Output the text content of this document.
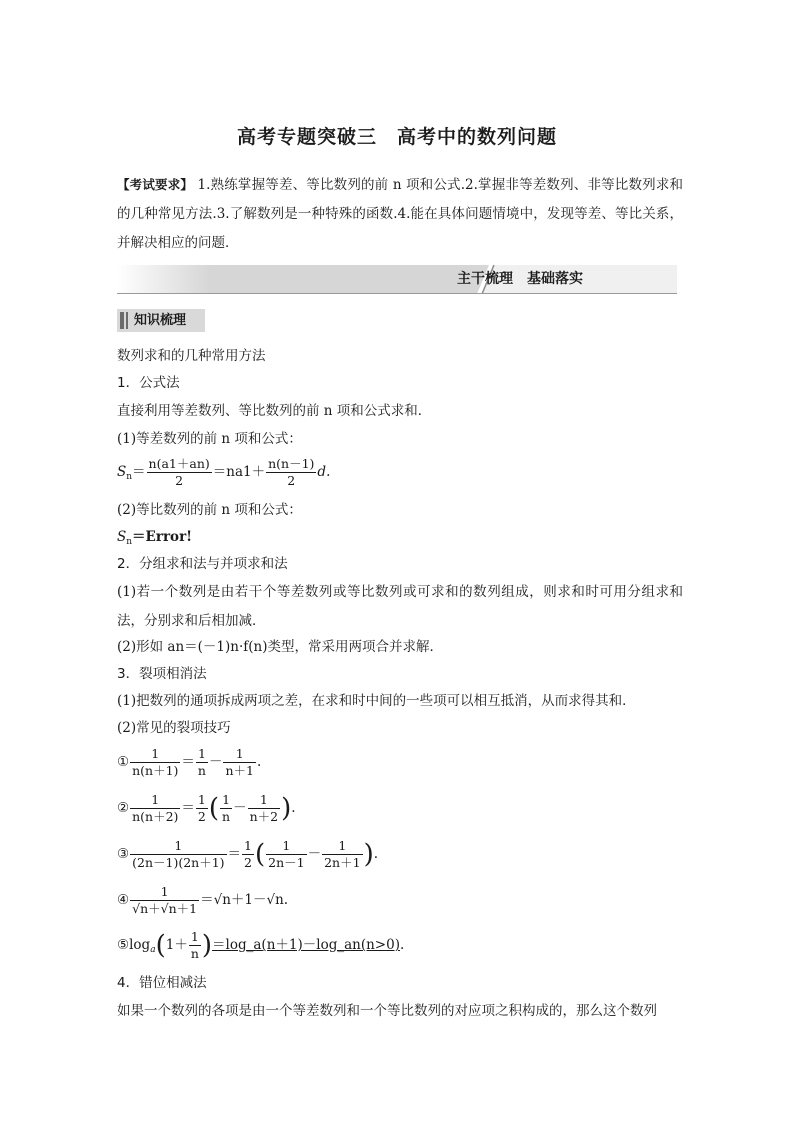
高考专题突破三　高考中的数列问题
【考试要求】 1.熟练掌握等差、等比数列的前 n 项和公式.2.掌握非等差数列、非等比数列求和的几种常见方法.3.了解数列是一种特殊的函数.4.能在具体问题情境中，发现等差、等比关系，并解决相应的问题．
主干梳理　基础落实
知识梳理
数列求和的几种常用方法
1．公式法
直接利用等差数列、等比数列的前 n 项和公式求和．
(1)等差数列的前 n 项和公式：
$S_n= \frac{n(a1+an)}{2} =na1+ \frac{n(n-1)}{2} d$.
(2)等比数列的前 n 项和公式：
$S_n=Error$!
2．分组求和法与并项求和法
(1)若一个数列是由若干个等差数列或等比数列或可求和的数列组成，则求和时可用分组求和法，分别求和后相加减．
(2)形如 an＝(－1)n·f(n)类型，常采用两项合并求解．
3．裂项相消法
(1)把数列的通项拆成两项之差，在求和时中间的一些项可以相互抵消，从而求得其和．
(2)常见的裂项技巧
① $\frac{1}{n(n+1)} = \frac{1}{n} - \frac{1}{n+1}$ .
② $\frac{1}{n(n+2)} = \frac{1}{2}$ ( $\frac{1}{n} - \frac{1}{n+2}$ ).
③ $\frac{1}{(2n-1)(2n+1)} = \frac{1}{2}$ ( $\frac{1}{2n-1} - \frac{1}{2n+1}$ ).
④ $\frac{1}{√n+√n+1} =√n+1-√n$.
$⑤\log_a(1+ \frac{1}{n}$ )＝log_a(n＋1)－log_an(n>0).
4．错位相减法
如果一个数列的各项是由一个等差数列和一个等比数列的对应项之积构成的，那么这个数列
